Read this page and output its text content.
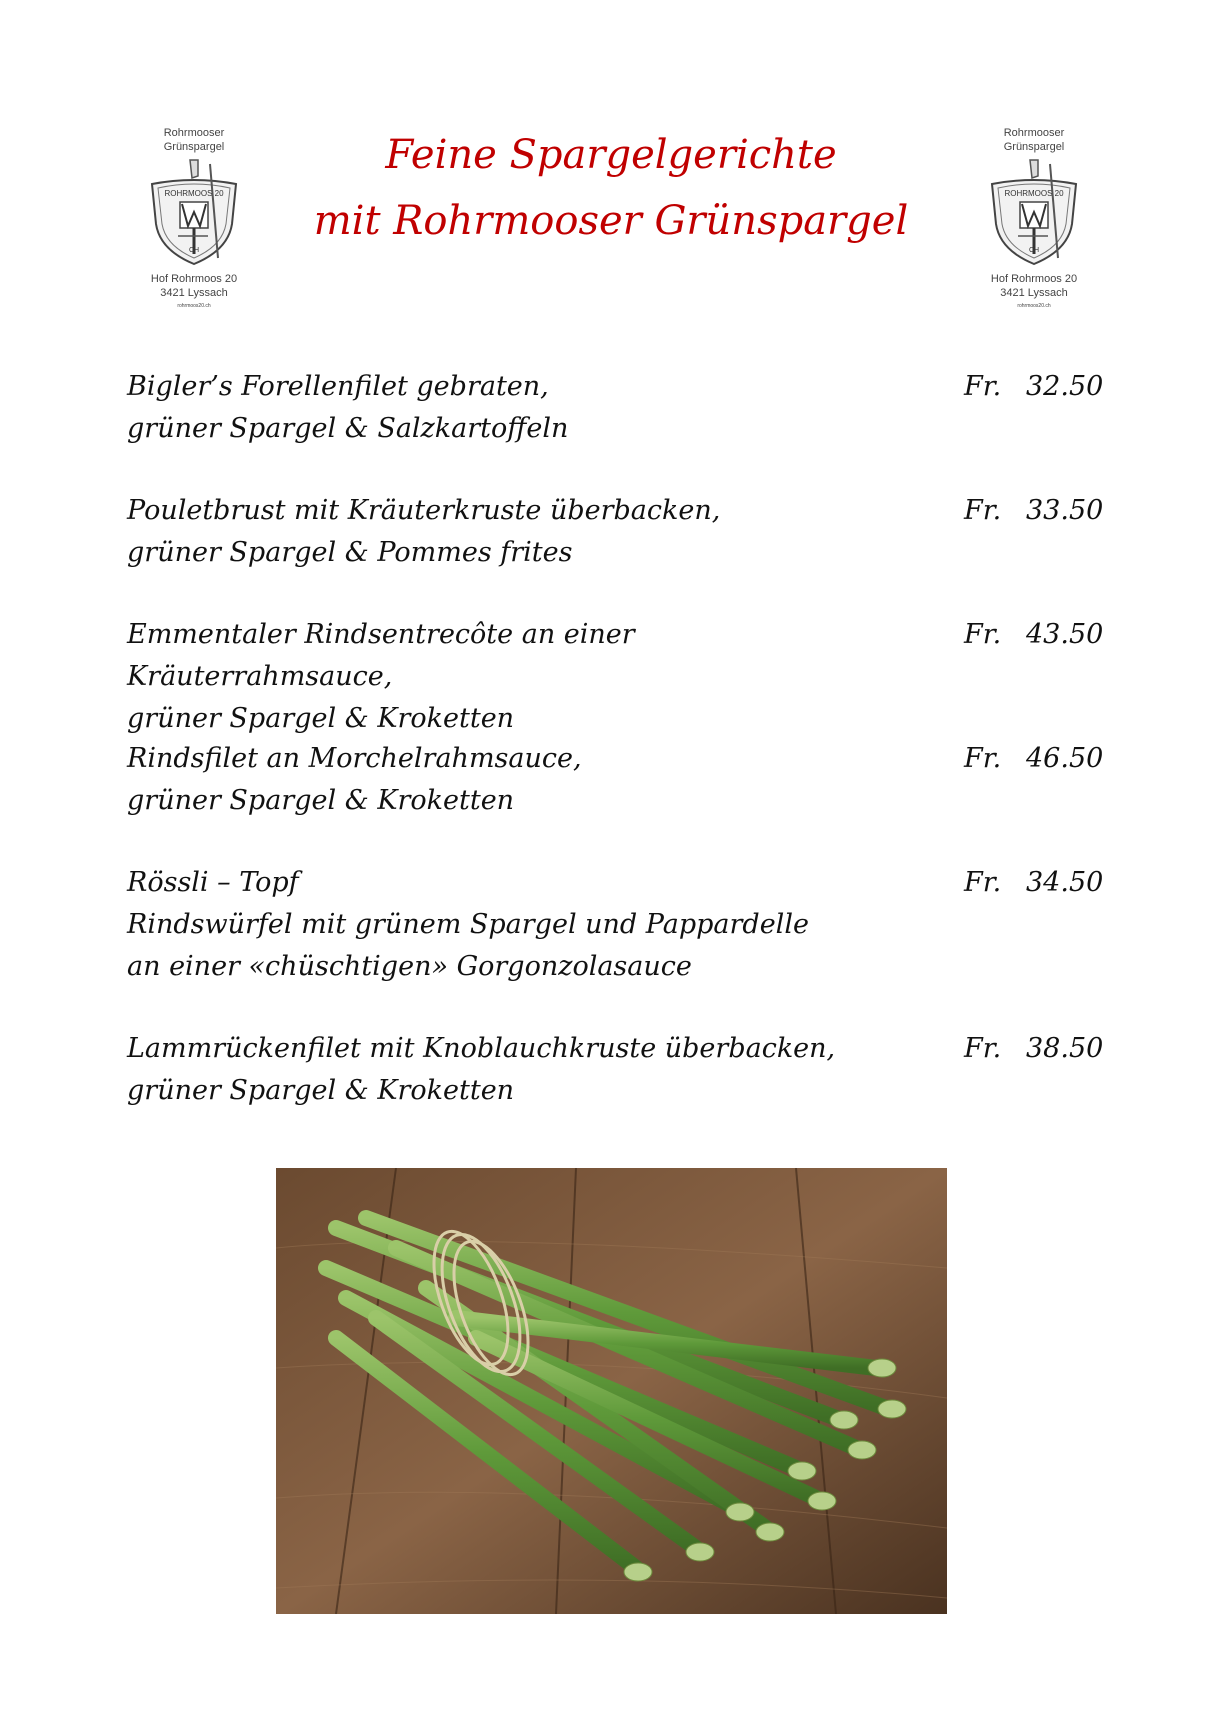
Rohrmooser
Grünspargel
ROHRMOOS 20
CH
Hof Rohrmoos 20
3421 Lyssach
rohrmoos20.ch
Rohrmooser
Grünspargel
ROHRMOOS 20
CH
Hof Rohrmoos 20
3421 Lyssach
rohrmoos20.ch
Feine Spargelgerichte
mit Rohrmooser Grünspargel
Bigler’s Forellenfilet gebraten,
grüner Spargel & Salzkartoffeln
Fr. 32.50
Pouletbrust mit Kräuterkruste überbacken,
grüner Spargel & Pommes frites
Fr. 33.50
Emmentaler Rindsentrecôte an einer Kräuterrahmsauce,
grüner Spargel & Kroketten
Fr. 43.50
Rindsfilet an Morchelrahmsauce,
grüner Spargel & Kroketten
Fr. 46.50
Rössli – Topf
Rindswürfel mit grünem Spargel und Pappardelle
an einer «chüschtigen» Gorgonzolasauce
Fr. 34.50
Lammrückenfilet mit Knoblauchkruste überbacken,
grüner Spargel & Kroketten
Fr. 38.50
